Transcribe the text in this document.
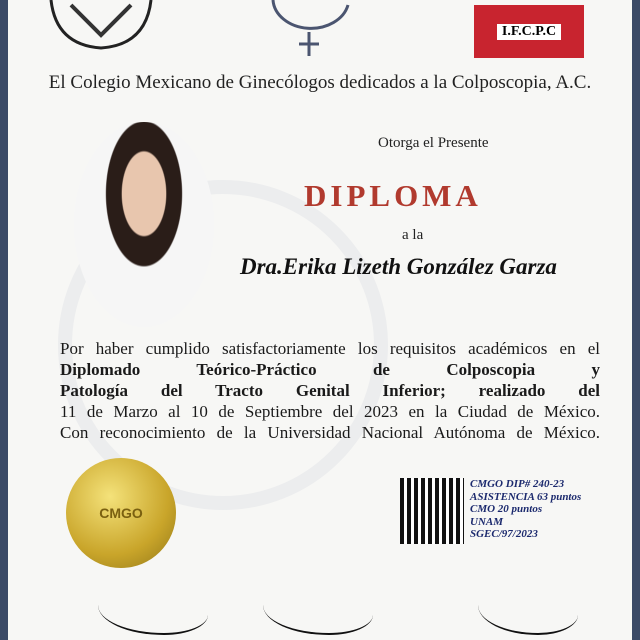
I.F.C.P.C
El Colegio Mexicano de Ginecólogos dedicados a la Colposcopia, A.C.
Otorga el Presente
DIPLOMA
a la
Dra.Erika Lizeth González Garza
Por haber cumplido satisfactoriamente los requisitos académicos en el
Diplomado Teórico-Práctico de Colposcopia y
Patología del Tracto Genital Inferior; realizado del
11 de Marzo al 10 de Septiembre del 2023 en la Ciudad de México.
Con reconocimiento de la Universidad Nacional Autónoma de México.
CMGO
CMGO DIP# 240-23
ASISTENCIA 63 puntos
CMO 20 puntos
UNAM
SGEC/97/2023
